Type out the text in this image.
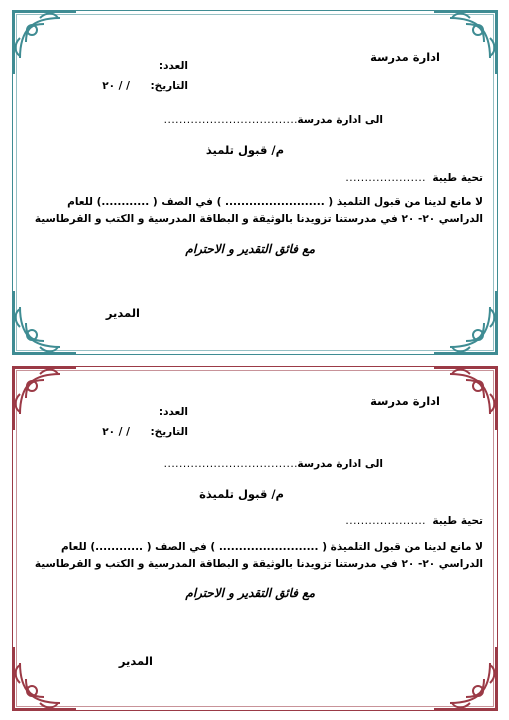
ادارة مدرسة
العدد:
التاريخ:
/ / ٢٠
الى ادارة مدرسة
...................................
م/ قبول تلميذ
تحية طيبة
.....................
لا مانع لدينا من قبول التلميذ ( ......................... ) في الصف ( ............) للعام
الدراسي ٢٠- ٢٠ في مدرستنا تزويدنا بالوثيقة و البطاقة المدرسية و الكتب و القرطاسية
مع فائق التقدير و الاحترام
المدير
ادارة مدرسة
العدد:
التاريخ:
/ / ٢٠
الى ادارة مدرسة
...................................
م/ قبول تلميذة
تحية طيبة
.....................
لا مانع لدينا من قبول التلميذة ( ......................... ) في الصف ( ............) للعام
الدراسي ٢٠- ٢٠ في مدرستنا تزويدنا بالوثيقة و البطاقة المدرسية و الكتب و القرطاسية
مع فائق التقدير و الاحترام
المدير
